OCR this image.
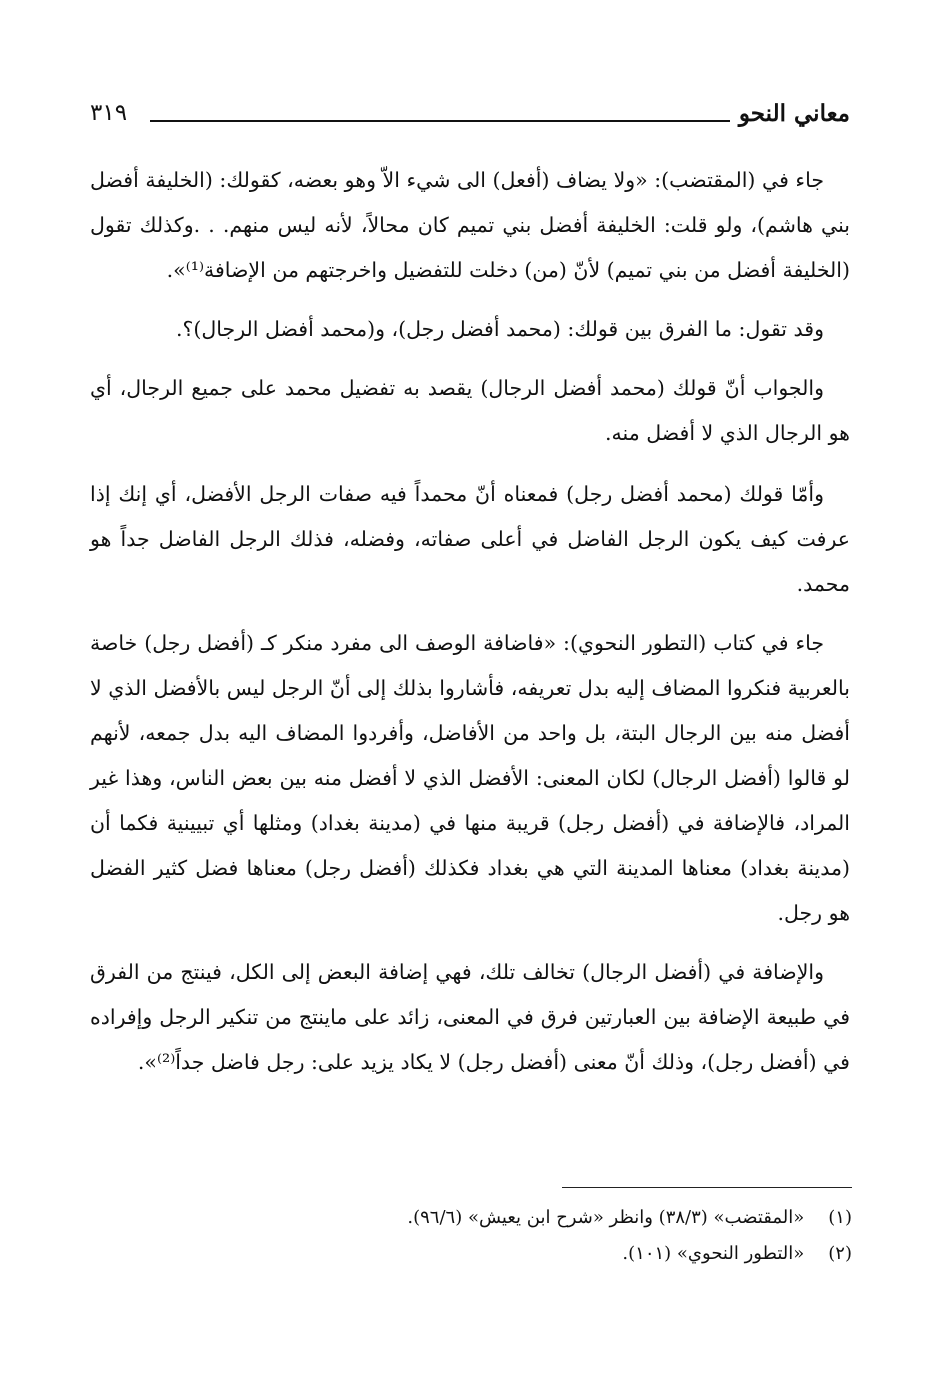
معاني النحو
٣١٩

جاء في (المقتضب): «ولا يضاف (أفعل) الى شيء الاّ وهو بعضه، كقولك: (الخليفة أفضل بني هاشم)، ولو قلت: الخليفة أفضل بني تميم كان محالاً، لأنه ليس منهم. . .وكذلك تقول (الخليفة أفضل من بني تميم) لأنّ (من) دخلت للتفضيل واخرجتهم من الإضافة⁽¹⁾».

وقد تقول: ما الفرق بين قولك: (محمد أفضل رجل)، و(محمد أفضل الرجال)؟.

والجواب أنّ قولك (محمد أفضل الرجال) يقصد به تفضيل محمد على جميع الرجال، أي هو الرجال الذي لا أفضل منه.

وأمّا قولك (محمد أفضل رجل) فمعناه أنّ محمداً فيه صفات الرجل الأفضل، أي إنك إذا عرفت كيف يكون الرجل الفاضل في أعلى صفاته، وفضله، فذلك الرجل الفاضل جداً هو محمد.

جاء في كتاب (التطور النحوي): «فاضافة الوصف الى مفرد منكر كـ (أفضل رجل) خاصة بالعربية فنكروا المضاف إليه بدل تعريفه، فأشاروا بذلك إلى أنّ الرجل ليس بالأفضل الذي لا أفضل منه بين الرجال البتة، بل واحد من الأفاضل، وأفردوا المضاف اليه بدل جمعه، لأنهم لو قالوا (أفضل الرجال) لكان المعنى: الأفضل الذي لا أفضل منه بين بعض الناس، وهذا غير المراد، فالإضافة في (أفضل رجل) قريبة منها في (مدينة بغداد) ومثلها أي تبيينية فكما أن (مدينة بغداد) معناها المدينة التي هي بغداد فكذلك (أفضل رجل) معناها فضل كثير الفضل هو رجل.

والإضافة في (أفضل الرجال) تخالف تلك، فهي إضافة البعض إلى الكل، فينتج من الفرق في طبيعة الإضافة بين العبارتين فرق في المعنى، زائد على ماينتج من تنكير الرجل وإفراده في (أفضل رجل)، وذلك أنّ معنى (أفضل رجل) لا يكاد يزيد على: رجل فاضل جداً⁽²⁾».

(١) «المقتضب» (٣٨/٣) وانظر «شرح ابن يعيش» (٩٦/٦).

(٢) «التطور النحوي» (١٠١).
